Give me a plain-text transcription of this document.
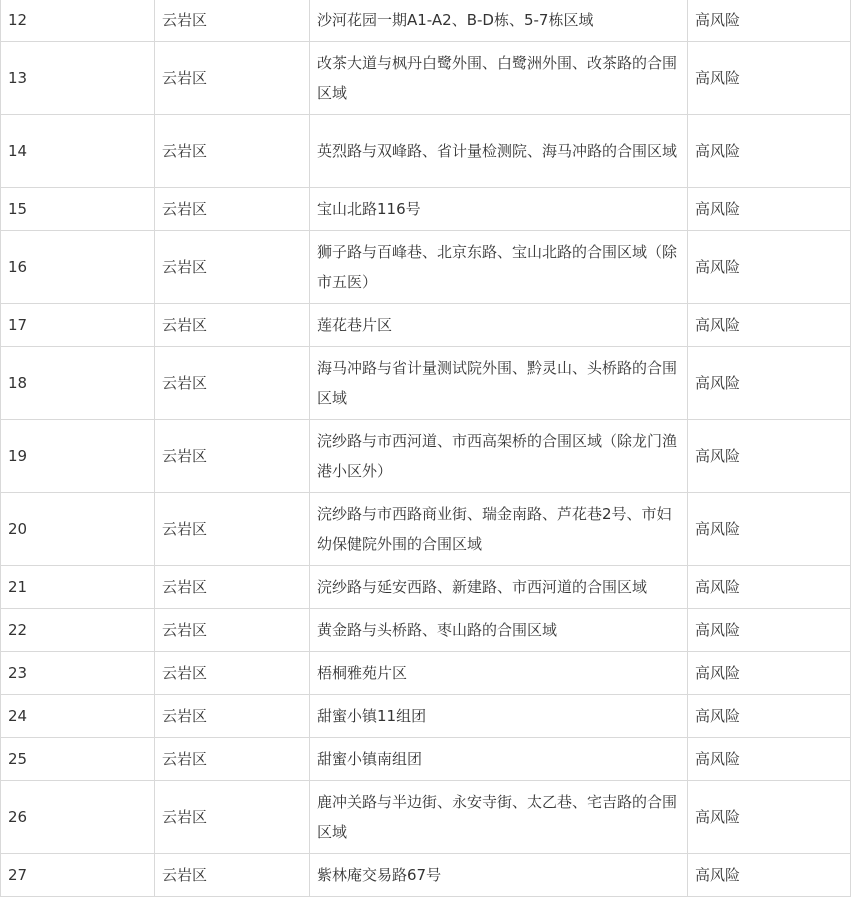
12	云岩区	沙河花园一期A1-A2、B-D栋、5-7栋区域	高风险
13	云岩区	改茶大道与枫丹白鹭外围、白鹭洲外围、改茶路的合围区域	高风险
14	云岩区	英烈路与双峰路、省计量检测院、海马冲路的合围区域	高风险
15	云岩区	宝山北路116号	高风险
16	云岩区	狮子路与百峰巷、北京东路、宝山北路的合围区域（除市五医）	高风险
17	云岩区	莲花巷片区	高风险
18	云岩区	海马冲路与省计量测试院外围、黔灵山、头桥路的合围区域	高风险
19	云岩区	浣纱路与市西河道、市西高架桥的合围区域（除龙门渔港小区外）	高风险
20	云岩区	浣纱路与市西路商业街、瑞金南路、芦花巷2号、市妇幼保健院外围的合围区域	高风险
21	云岩区	浣纱路与延安西路、新建路、市西河道的合围区域	高风险
22	云岩区	黄金路与头桥路、枣山路的合围区域	高风险
23	云岩区	梧桐雅苑片区	高风险
24	云岩区	甜蜜小镇11组团	高风险
25	云岩区	甜蜜小镇南组团	高风险
26	云岩区	鹿冲关路与半边街、永安寺街、太乙巷、宅吉路的合围区域	高风险
27	云岩区	紫林庵交易路67号	高风险
